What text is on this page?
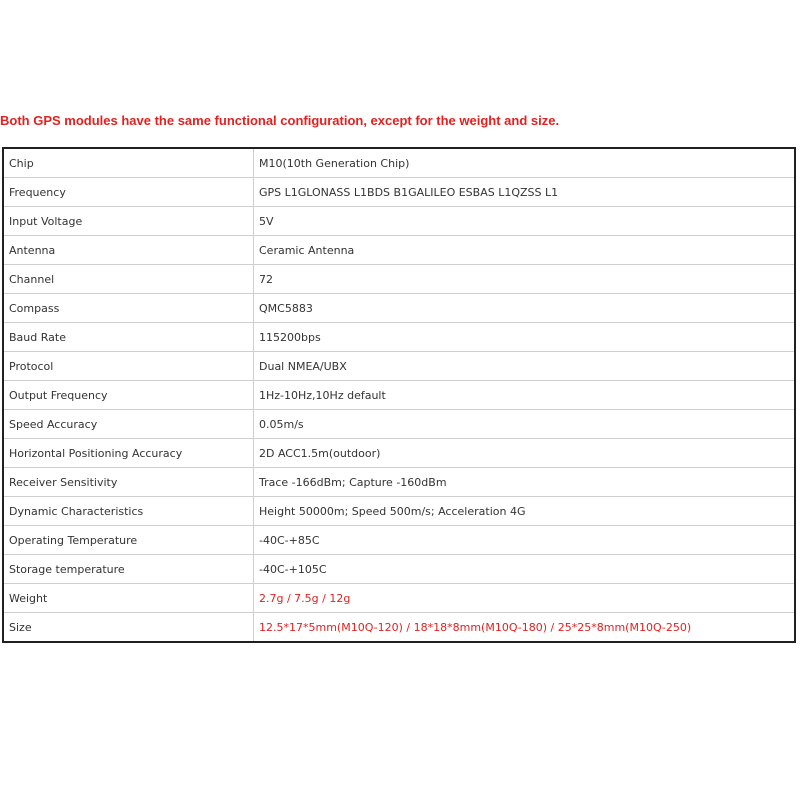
Both GPS modules have the same functional configuration, except for the weight and size.
Chip	M10(10th Generation Chip)
Frequency	GPS L1GLONASS L1BDS B1GALILEO ESBAS L1QZSS L1
Input Voltage	5V
Antenna	Ceramic Antenna
Channel	72
Compass	QMC5883
Baud Rate	115200bps
Protocol	Dual NMEA/UBX
Output Frequency	1Hz-10Hz,10Hz default
Speed Accuracy	0.05m/s
Horizontal Positioning Accuracy	2D ACC1.5m(outdoor)
Receiver Sensitivity	Trace -166dBm; Capture -160dBm
Dynamic Characteristics	Height 50000m; Speed 500m/s; Acceleration 4G
Operating Temperature	-40C-+85C
Storage temperature	-40C-+105C
Weight	2.7g / 7.5g / 12g
Size	12.5*17*5mm(M10Q-120) / 18*18*8mm(M10Q-180) / 25*25*8mm(M10Q-250)
